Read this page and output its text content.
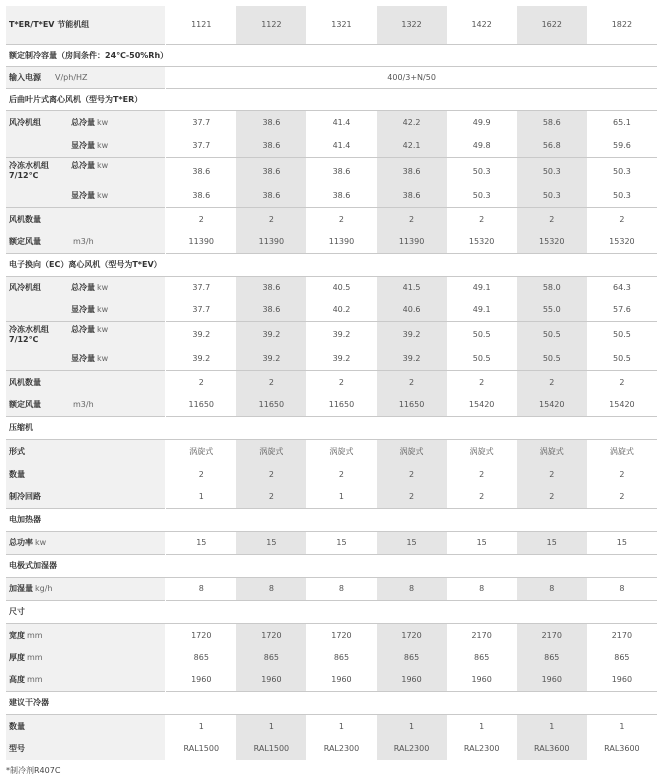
T*ER/T*EV 节能机组	1121	1122	1321	1322	1422	1622	1822
额定制冷容量（房间条件：24℃-50%Rh）							
输入电源 V/ph/HZ	400/3+N/50						
后曲叶片式离心风机（型号为T*ER）							

风冷机组 总冷量 kw	37.7	38.6	41.4	42.2	49.9	58.6	65.1

显冷量 kw	37.7	38.6	41.4	42.1	49.8	56.8	59.6

冷冻水机组
7/12℃
总冷量 kw	38.6	38.6	38.6	38.6	50.3	50.3	50.3

显冷量 kw	38.6	38.6	38.6	38.6	50.3	50.3	50.3

风机数量	2	2	2	2	2	2	2

额定风量 m3/h	11390	11390	11390	11390	15320	15320	15320
电子换向（EC）离心风机（型号为T*EV）							

风冷机组 总冷量 kw	37.7	38.6	40.5	41.5	49.1	58.0	64.3

显冷量 kw	37.7	38.6	40.2	40.6	49.1	55.0	57.6

冷冻水机组
7/12℃
总冷量 kw	39.2	39.2	39.2	39.2	50.5	50.5	50.5

显冷量 kw	39.2	39.2	39.2	39.2	50.5	50.5	50.5

风机数量	2	2	2	2	2	2	2

额定风量 m3/h	11650	11650	11650	11650	15420	15420	15420
压缩机							

形式	涡旋式	涡旋式	涡旋式	涡旋式	涡旋式	涡旋式	涡旋式

数量	2	2	2	2	2	2	2

制冷回路	1	2	1	2	2	2	2
电加热器							

总功率 kw	15	15	15	15	15	15	15
电极式加湿器							

加湿量 kg/h	8	8	8	8	8	8	8
尺寸							

宽度 mm	1720	1720	1720	1720	2170	2170	2170

厚度 mm	865	865	865	865	865	865	865

高度 mm	1960	1960	1960	1960	1960	1960	1960
建议干冷器							

数量	1	1	1	1	1	1	1

型号	RAL1500	RAL1500	RAL2300	RAL2300	RAL2300	RAL3600	RAL3600
*制冷剂R407C
